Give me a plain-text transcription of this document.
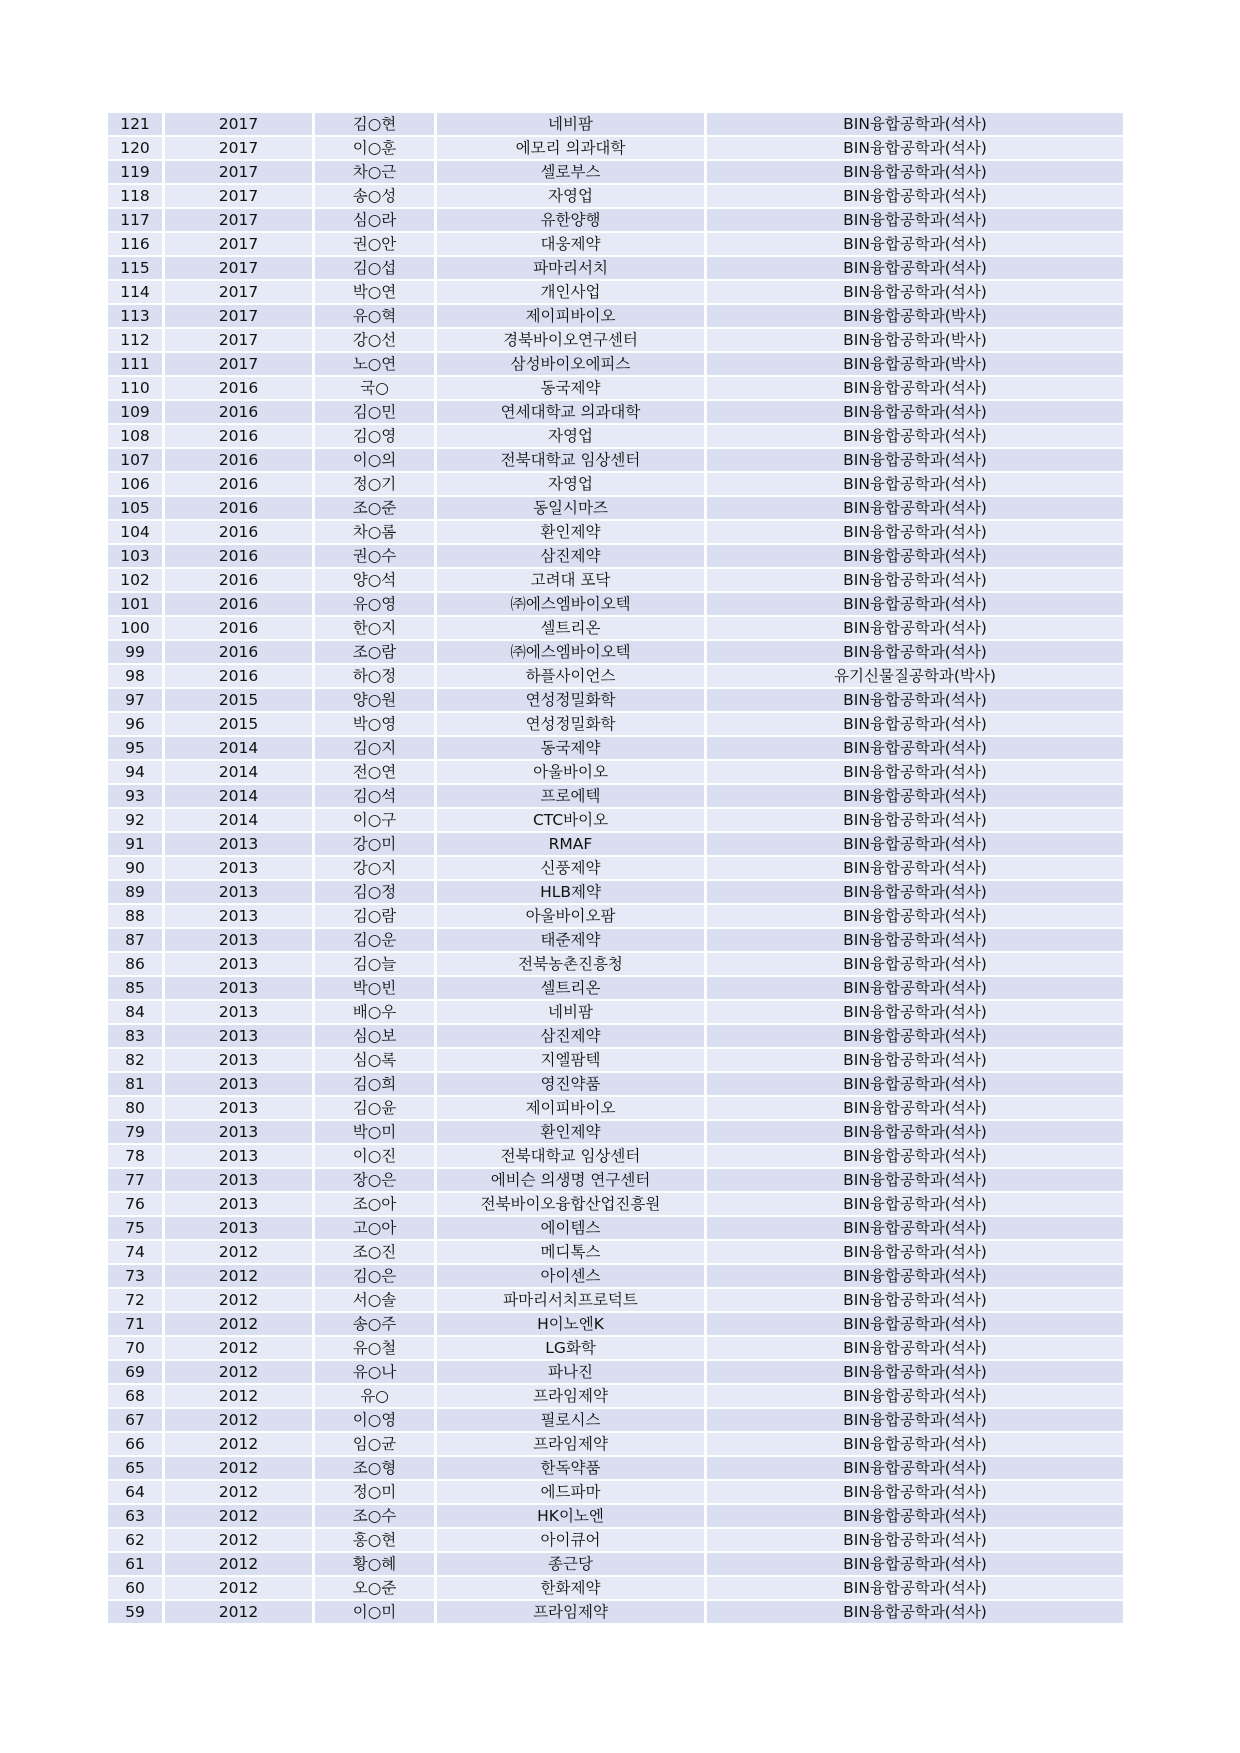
121	2017	김○현	네비팜	BIN융합공학과(석사)
120	2017	이○훈	에모리 의과대학	BIN융합공학과(석사)
119	2017	차○근	셀로부스	BIN융합공학과(석사)
118	2017	송○성	자영업	BIN융합공학과(석사)
117	2017	심○라	유한양행	BIN융합공학과(석사)
116	2017	권○안	대웅제약	BIN융합공학과(석사)
115	2017	김○섭	파마리서치	BIN융합공학과(석사)
114	2017	박○연	개인사업	BIN융합공학과(석사)
113	2017	유○혁	제이피바이오	BIN융합공학과(박사)
112	2017	강○선	경북바이오연구센터	BIN융합공학과(박사)
111	2017	노○연	삼성바이오에피스	BIN융합공학과(박사)
110	2016	국○	동국제약	BIN융합공학과(석사)
109	2016	김○민	연세대학교 의과대학	BIN융합공학과(석사)
108	2016	김○영	자영업	BIN융합공학과(석사)
107	2016	이○의	전북대학교 임상센터	BIN융합공학과(석사)
106	2016	정○기	자영업	BIN융합공학과(석사)
105	2016	조○준	동일시마즈	BIN융합공학과(석사)
104	2016	차○롬	환인제약	BIN융합공학과(석사)
103	2016	권○수	삼진제약	BIN융합공학과(석사)
102	2016	양○석	고려대 포닥	BIN융합공학과(석사)
101	2016	유○영	㈜에스엠바이오텍	BIN융합공학과(석사)
100	2016	한○지	셀트리온	BIN융합공학과(석사)
99	2016	조○람	㈜에스엠바이오텍	BIN융합공학과(석사)
98	2016	하○정	하플사이언스	유기신물질공학과(박사)
97	2015	양○원	연성정밀화학	BIN융합공학과(석사)
96	2015	박○영	연성정밀화학	BIN융합공학과(석사)
95	2014	김○지	동국제약	BIN융합공학과(석사)
94	2014	전○연	아울바이오	BIN융합공학과(석사)
93	2014	김○석	프로에텍	BIN융합공학과(석사)
92	2014	이○구	CTC바이오	BIN융합공학과(석사)
91	2013	강○미	RMAF	BIN융합공학과(석사)
90	2013	강○지	신풍제약	BIN융합공학과(석사)
89	2013	김○정	HLB제약	BIN융합공학과(석사)
88	2013	김○람	아울바이오팜	BIN융합공학과(석사)
87	2013	김○운	태준제약	BIN융합공학과(석사)
86	2013	김○늘	전북농촌진흥청	BIN융합공학과(석사)
85	2013	박○빈	셀트리온	BIN융합공학과(석사)
84	2013	배○우	네비팜	BIN융합공학과(석사)
83	2013	심○보	삼진제약	BIN융합공학과(석사)
82	2013	심○록	지엘팜텍	BIN융합공학과(석사)
81	2013	김○희	영진약품	BIN융합공학과(석사)
80	2013	김○윤	제이피바이오	BIN융합공학과(석사)
79	2013	박○미	환인제약	BIN융합공학과(석사)
78	2013	이○진	전북대학교 임상센터	BIN융합공학과(석사)
77	2013	장○은	에비슨 의생명 연구센터	BIN융합공학과(석사)
76	2013	조○아	전북바이오융합산업진흥원	BIN융합공학과(석사)
75	2013	고○아	에이템스	BIN융합공학과(석사)
74	2012	조○진	메디톡스	BIN융합공학과(석사)
73	2012	김○은	아이센스	BIN융합공학과(석사)
72	2012	서○솔	파마리서치프로덕트	BIN융합공학과(석사)
71	2012	송○주	H이노엔K	BIN융합공학과(석사)
70	2012	유○철	LG화학	BIN융합공학과(석사)
69	2012	유○나	파나진	BIN융합공학과(석사)
68	2012	유○	프라임제약	BIN융합공학과(석사)
67	2012	이○영	필로시스	BIN융합공학과(석사)
66	2012	임○균	프라임제약	BIN융합공학과(석사)
65	2012	조○형	한독약품	BIN융합공학과(석사)
64	2012	정○미	에드파마	BIN융합공학과(석사)
63	2012	조○수	HK이노엔	BIN융합공학과(석사)
62	2012	홍○현	아이큐어	BIN융합공학과(석사)
61	2012	황○혜	종근당	BIN융합공학과(석사)
60	2012	오○준	한화제약	BIN융합공학과(석사)
59	2012	이○미	프라임제약	BIN융합공학과(석사)
